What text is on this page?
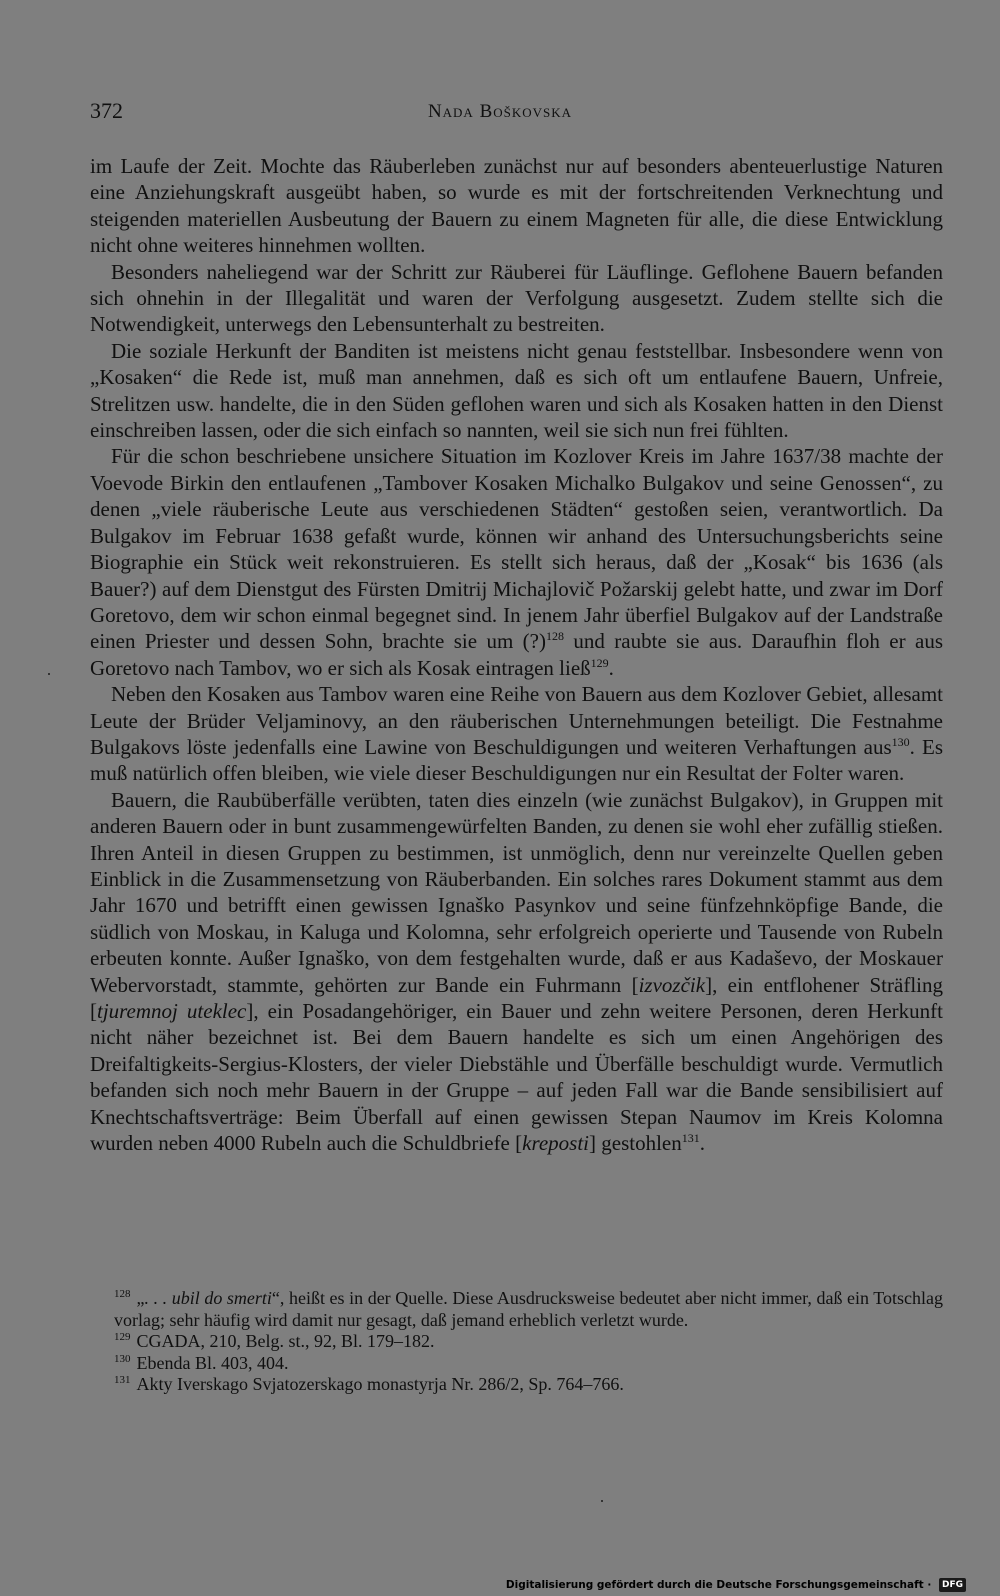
372	Nada Boškovska

im Laufe der Zeit. Mochte das Räuberleben zunächst nur auf besonders abenteuerlustige Naturen eine Anziehungskraft ausgeübt haben, so wurde es mit der fortschreitenden Verknechtung und steigenden materiellen Ausbeutung der Bauern zu einem Magneten für alle, die diese Entwicklung nicht ohne weiteres hinnehmen wollten.

Besonders naheliegend war der Schritt zur Räuberei für Läuflinge. Geflohene Bauern befanden sich ohnehin in der Illegalität und waren der Verfolgung ausgesetzt. Zudem stellte sich die Notwendigkeit, unterwegs den Lebensunterhalt zu bestreiten.

Die soziale Herkunft der Banditen ist meistens nicht genau feststellbar. Insbesondere wenn von „Kosaken“ die Rede ist, muß man annehmen, daß es sich oft um entlaufene Bauern, Unfreie, Strelitzen usw. handelte, die in den Süden geflohen waren und sich als Kosaken hatten in den Dienst einschreiben lassen, oder die sich einfach so nannten, weil sie sich nun frei fühlten.

Für die schon beschriebene unsichere Situation im Kozlover Kreis im Jahre 1637/38 machte der Voevode Birkin den entlaufenen „Tambover Kosaken Michalko Bulgakov und seine Genossen“, zu denen „viele räuberische Leute aus verschiedenen Städten“ gestoßen seien, verantwortlich. Da Bulgakov im Februar 1638 gefaßt wurde, können wir anhand des Untersuchungsberichts seine Biographie ein Stück weit rekonstruieren. Es stellt sich heraus, daß der „Kosak“ bis 1636 (als Bauer?) auf dem Dienstgut des Fürsten Dmitrij Michajlovič Požarskij gelebt hatte, und zwar im Dorf Goretovo, dem wir schon einmal begegnet sind. In jenem Jahr überfiel Bulgakov auf der Landstraße einen Priester und dessen Sohn, brachte sie um (?)$^{128}$ und raubte sie aus. Daraufhin floh er aus Goretovo nach Tambov, wo er sich als Kosak eintragen ließ$^{129}$.

Neben den Kosaken aus Tambov waren eine Reihe von Bauern aus dem Kozlover Gebiet, allesamt Leute der Brüder Veljaminovy, an den räuberischen Unternehmungen beteiligt. Die Festnahme Bulgakovs löste jedenfalls eine Lawine von Beschuldigungen und weiteren Verhaftungen aus$^{130}$. Es muß natürlich offen bleiben, wie viele dieser Beschuldigungen nur ein Resultat der Folter waren.

Bauern, die Raubüberfälle verübten, taten dies einzeln (wie zunächst Bulgakov), in Gruppen mit anderen Bauern oder in bunt zusammengewürfelten Banden, zu denen sie wohl eher zufällig stießen. Ihren Anteil in diesen Gruppen zu bestimmen, ist unmöglich, denn nur vereinzelte Quellen geben Einblick in die Zusammensetzung von Räuberbanden. Ein solches rares Dokument stammt aus dem Jahr 1670 und betrifft einen gewissen Ignaško Pasynkov und seine fünfzehnköpfige Bande, die südlich von Moskau, in Kaluga und Kolomna, sehr erfolgreich operierte und Tausende von Rubeln erbeuten konnte. Außer Ignaško, von dem festgehalten wurde, daß er aus Kadaševo, der Moskauer Webervorstadt, stammte, gehörten zur Bande ein Fuhrmann [izvozčik], ein entflohener Sträfling [tjuremnoj uteklec], ein Posadangehöriger, ein Bauer und zehn weitere Personen, deren Herkunft nicht näher bezeichnet ist. Bei dem Bauern handelte es sich um einen Angehörigen des Dreifaltigkeits-Sergius-Klosters, der vieler Diebstähle und Überfälle beschuldigt wurde. Vermutlich befanden sich noch mehr Bauern in der Gruppe – auf jeden Fall war die Bande sensibilisiert auf Knechtschaftsverträge: Beim Überfall auf einen gewissen Stepan Naumov im Kreis Kolomna wurden neben 4000 Rubeln auch die Schuldbriefe [kreposti] gestohlen$^{131}$.

$^{128}$ „. . . ubil do smerti“, heißt es in der Quelle. Diese Ausdrucksweise bedeutet aber nicht immer, daß ein Totschlag vorlag; sehr häufig wird damit nur gesagt, daß jemand erheblich verletzt wurde.

$^{129}$ CGADA, 210, Belg. st., 92, Bl. 179–182.

$^{130}$ Ebenda Bl. 403, 404.

$^{131}$ Akty Iverskago Svjatozerskago monastyrja Nr. 286/2, Sp. 764–766.

Digitalisierung gefördert durch die Deutsche Forschungsgemeinschaft · DFG
